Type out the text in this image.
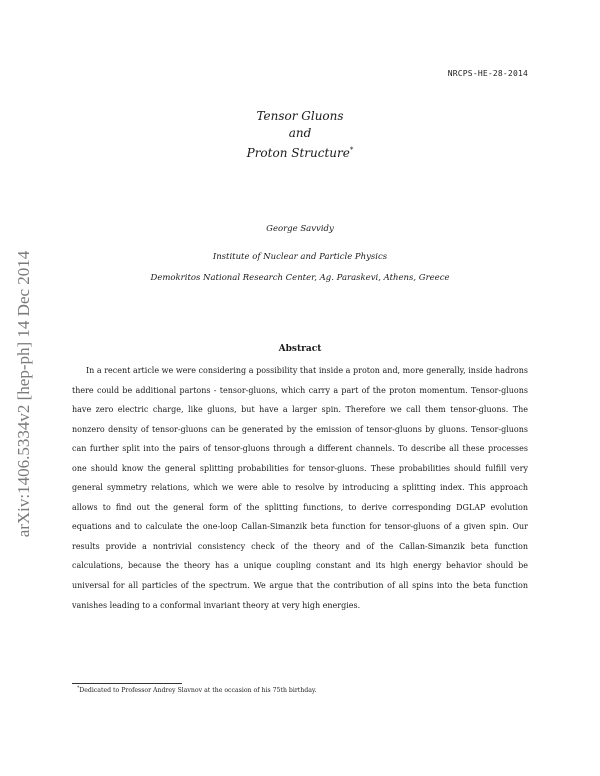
NRCPS-HE-28-2014
arXiv:1406.5334v2 [hep-ph] 14 Dec 2014
Tensor Gluons
and
Proton Structure*
George Savvidy
Institute of Nuclear and Particle Physics
Demokritos National Research Center, Ag. Paraskevi, Athens, Greece
Abstract

In a recent article we were considering a possibility that inside a proton and, more generally, inside hadrons there could be additional partons - tensor-gluons, which carry a part of the proton momentum. Tensor-gluons have zero electric charge, like gluons, but have a larger spin. Therefore we call them tensor-gluons. The nonzero density of tensor-gluons can be generated by the emission of tensor-gluons by gluons. Tensor-gluons can further split into the pairs of tensor-gluons through a different channels. To describe all these processes one should know the general splitting probabilities for tensor-gluons. These probabilities should fulfill very general symmetry relations, which we were able to resolve by introducing a splitting index. This approach allows to find out the general form of the splitting functions, to derive corresponding DGLAP evolution equations and to calculate the one-loop Callan-Simanzik beta function for tensor-gluons of a given spin. Our results provide a nontrivial consistency check of the theory and of the Callan-Simanzik beta function calculations, because the theory has a unique coupling constant and its high energy behavior should be universal for all particles of the spectrum. We argue that the contribution of all spins into the beta function vanishes leading to a conformal invariant theory at very high energies.

*Dedicated to Professor Andrey Slavnov at the occasion of his 75th birthday.
